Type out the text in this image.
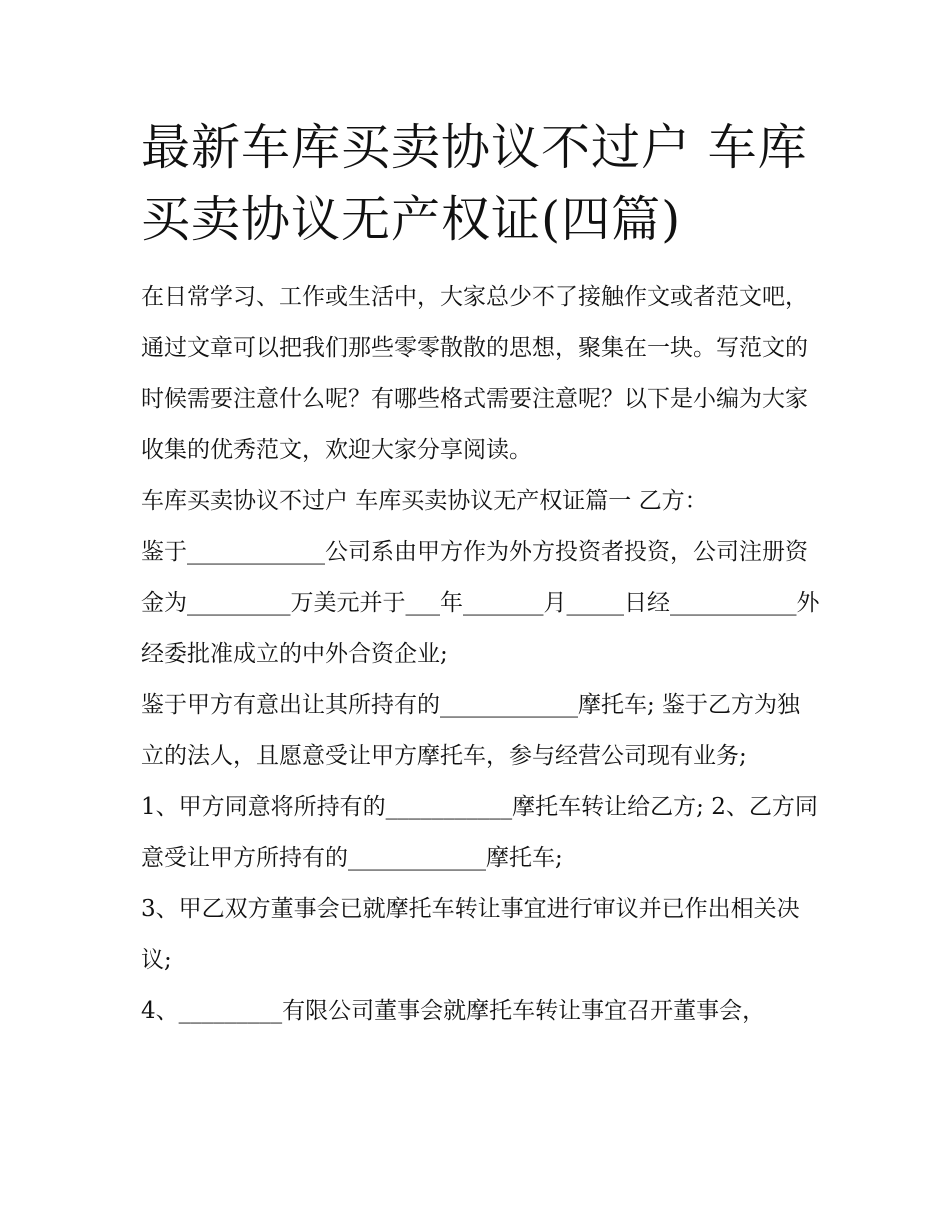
最新车库买卖协议不过户 车库
买卖协议无产权证(四篇)

在日常学习、工作或生活中，大家总少不了接触作文或者范文吧，通过文章可以把我们那些零零散散的思想，聚集在一块。写范文的时候需要注意什么呢？有哪些格式需要注意呢？以下是小编为大家收集的优秀范文，欢迎大家分享阅读。

车库买卖协议不过户 车库买卖协议无产权证篇一 乙方：

鉴于____________公司系由甲方作为外方投资者投资，公司注册资金为_________万美元并于___年_______月_____日经___________外经委批准成立的中外合资企业;

鉴于甲方有意出让其所持有的____________摩托车; 鉴于乙方为独立的法人，且愿意受让甲方摩托车，参与经营公司现有业务;

1、甲方同意将所持有的___________摩托车转让给乙方; 2、乙方同意受让甲方所持有的____________摩托车;

3、甲乙双方董事会已就摩托车转让事宜进行审议并已作出相关决议;

4、_________有限公司董事会就摩托车转让事宜召开董事会，
